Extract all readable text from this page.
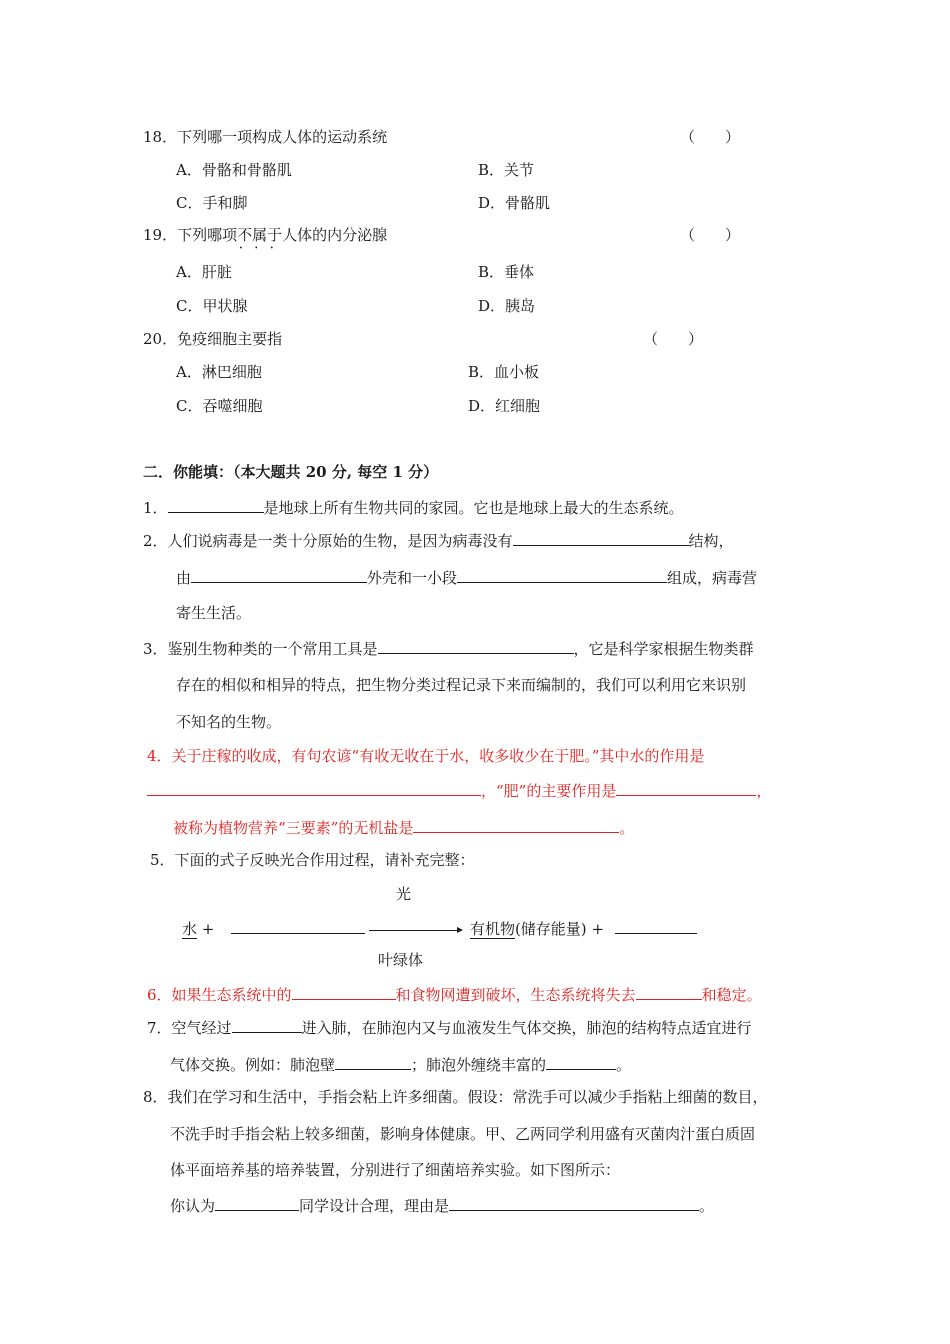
18．下列哪一项构成人体的运动系统	（　　）
A．骨骼和骨骼肌	B．关节
C．手和脚	D．骨骼肌
19．下列哪项不属于 • • •人体的内分泌腺	（　　）
A．肝脏	B．垂体
C．甲状腺	D．胰岛
20．免疫细胞主要指	（　　）
A．淋巴细胞	B．血小板
C．吞噬细胞	D．红细胞
二．你能填：（本大题共 20 分, 每空 1 分）
1．	是地球上所有生物共同的家园。它也是地球上最大的生态系统。
2．人们说病毒是一类十分原始的生物，是因为病毒没有	结构，
由	外壳和一小段	组成，病毒营
寄生生活。
3．鉴别生物种类的一个常用工具是	，它是科学家根据生物类群
存在的相似和相异的特点，把生物分类过程记录下来而编制的，我们可以利用它来识别
不知名的生物。
4．关于庄稼的收成，有句农谚“有收无收在于水，收多收少在于肥。”其中水的作用是
，“肥”的主要作用是	，
被称为植物营养“三要素”的无机盐是	。
5．下面的式子反映光合作用过程，请补充完整：
光
水 +	有机物(储存能量) +
叶绿体
6．如果生态系统中的	和食物网遭到破坏，生态系统将失去	和稳定。
7．空气经过	进入肺，在肺泡内又与血液发生气体交换，肺泡的结构特点适宜进行
气体交换。例如：肺泡壁	；肺泡外缠绕丰富的	。
8．我们在学习和生活中，手指会粘上许多细菌。假设：常洗手可以减少手指粘上细菌的数目，
不洗手时手指会粘上较多细菌，影响身体健康。甲、乙两同学利用盛有灭菌肉汁蛋白质固
体平面培养基的培养装置，分别进行了细菌培养实验。如下图所示：
你认为	同学设计合理，理由是	。
